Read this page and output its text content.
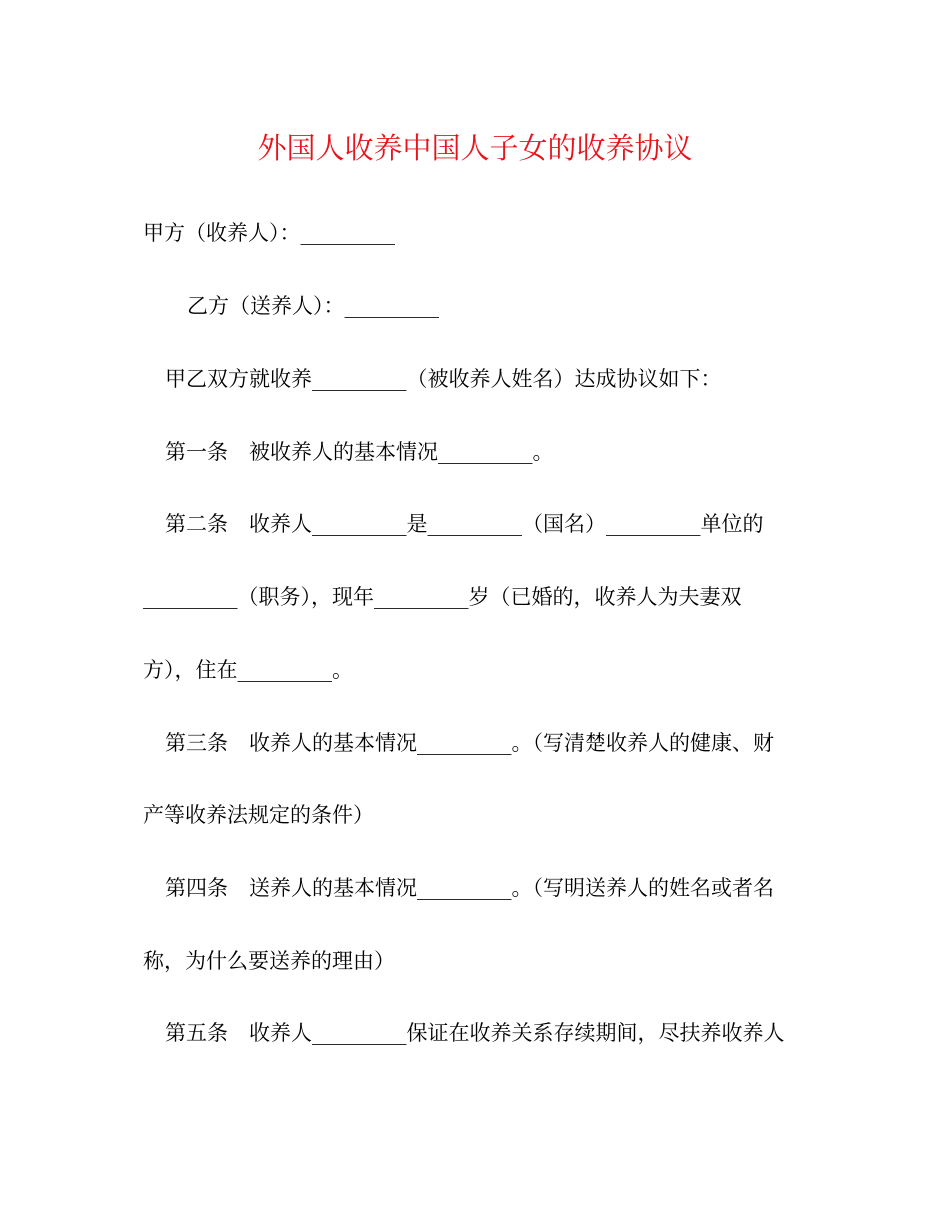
外国人收养中国人子女的收养协议
甲方（收养人）：_________
乙方（送养人）：_________
甲乙双方就收养_________（被收养人姓名）达成协议如下：
第一条　被收养人的基本情况_________。
第二条　收养人_________是_________（国名）_________单位的
_________（职务），现年_________岁（已婚的，收养人为夫妻双
方），住在_________。
第三条　收养人的基本情况_________。（写清楚收养人的健康、财
产等收养法规定的条件）
第四条　送养人的基本情况_________。（写明送养人的姓名或者名
称，为什么要送养的理由）
第五条　收养人_________保证在收养关系存续期间，尽扶养收养人
